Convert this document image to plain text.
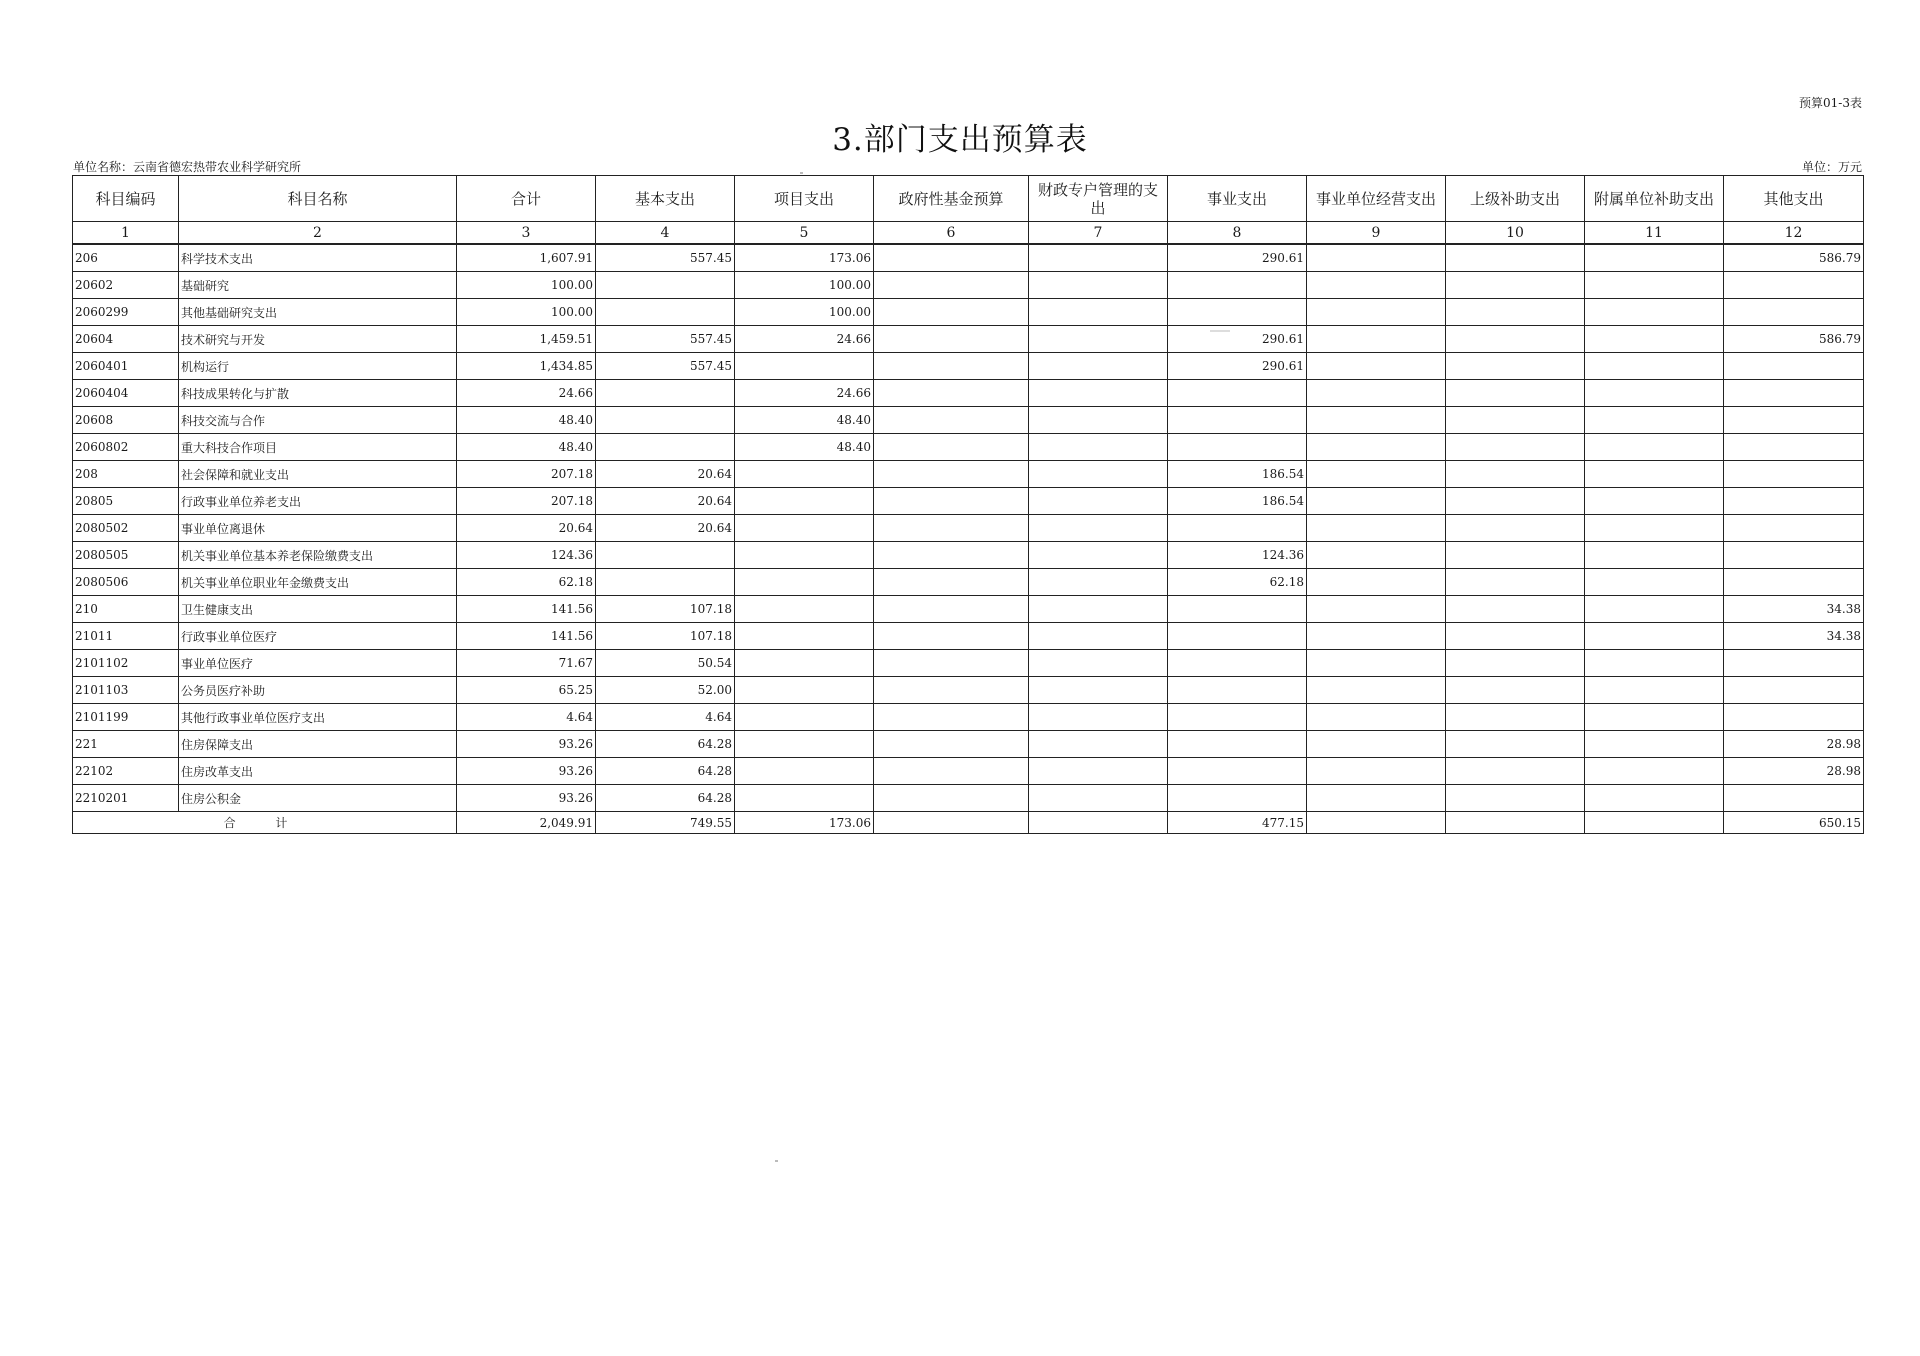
预算01-3表
3.部门支出预算表
单位名称：云南省德宏热带农业科学研究所	单位：万元
科目编码	科目名称	合计	基本支出	项目支出	政府性基金预算	财政专户管理的支出	事业支出	事业单位经营支出	上级补助支出	附属单位补助支出	其他支出
1	2	3	4	5	6	7	8	9	10	11	12
206	科学技术支出	1,607.91	557.45	173.06			290.61				586.79
20602	基础研究	100.00		100.00							
2060299	其他基础研究支出	100.00		100.00							
20604	技术研究与开发	1,459.51	557.45	24.66			290.61				586.79
2060401	机构运行	1,434.85	557.45				290.61				
2060404	科技成果转化与扩散	24.66		24.66							
20608	科技交流与合作	48.40		48.40							
2060802	重大科技合作项目	48.40		48.40							
208	社会保障和就业支出	207.18	20.64				186.54				
20805	行政事业单位养老支出	207.18	20.64				186.54				
2080502	事业单位离退休	20.64	20.64								
2080505	机关事业单位基本养老保险缴费支出	124.36					124.36				
2080506	机关事业单位职业年金缴费支出	62.18					62.18				
210	卫生健康支出	141.56	107.18								34.38
21011	行政事业单位医疗	141.56	107.18								34.38
2101102	事业单位医疗	71.67	50.54								
2101103	公务员医疗补助	65.25	52.00								
2101199	其他行政事业单位医疗支出	4.64	4.64								
221	住房保障支出	93.26	64.28								28.98
22102	住房改革支出	93.26	64.28								28.98
2210201	住房公积金	93.26	64.28								
合 计		2,049.91	749.55	173.06			477.15				650.15
